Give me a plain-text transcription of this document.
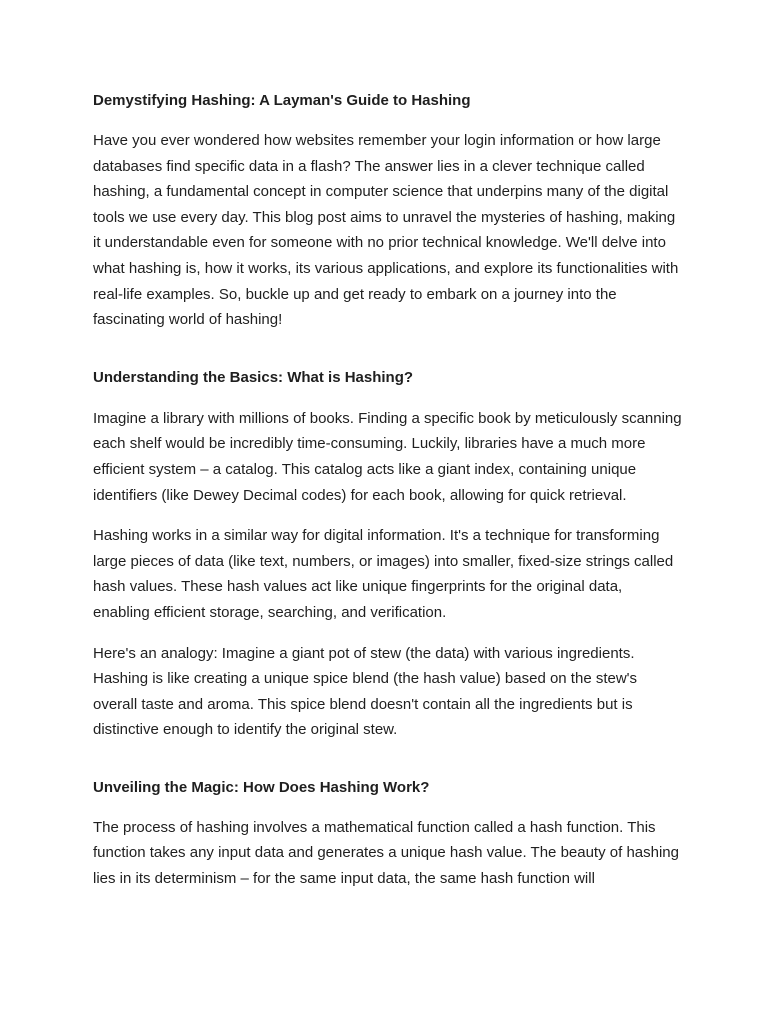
Demystifying Hashing: A Layman's Guide to Hashing

Have you ever wondered how websites remember your login information or how large databases find specific data in a flash? The answer lies in a clever technique called hashing, a fundamental concept in computer science that underpins many of the digital tools we use every day. This blog post aims to unravel the mysteries of hashing, making it understandable even for someone with no prior technical knowledge. We'll delve into what hashing is, how it works, its various applications, and explore its functionalities with real-life examples. So, buckle up and get ready to embark on a journey into the fascinating world of hashing!

Understanding the Basics: What is Hashing?

Imagine a library with millions of books. Finding a specific book by meticulously scanning each shelf would be incredibly time-consuming. Luckily, libraries have a much more efficient system – a catalog. This catalog acts like a giant index, containing unique identifiers (like Dewey Decimal codes) for each book, allowing for quick retrieval.

Hashing works in a similar way for digital information. It's a technique for transforming large pieces of data (like text, numbers, or images) into smaller, fixed-size strings called hash values. These hash values act like unique fingerprints for the original data, enabling efficient storage, searching, and verification.

Here's an analogy: Imagine a giant pot of stew (the data) with various ingredients. Hashing is like creating a unique spice blend (the hash value) based on the stew's overall taste and aroma. This spice blend doesn't contain all the ingredients but is distinctive enough to identify the original stew.

Unveiling the Magic: How Does Hashing Work?

The process of hashing involves a mathematical function called a hash function. This function takes any input data and generates a unique hash value. The beauty of hashing lies in its determinism – for the same input data, the same hash function will
